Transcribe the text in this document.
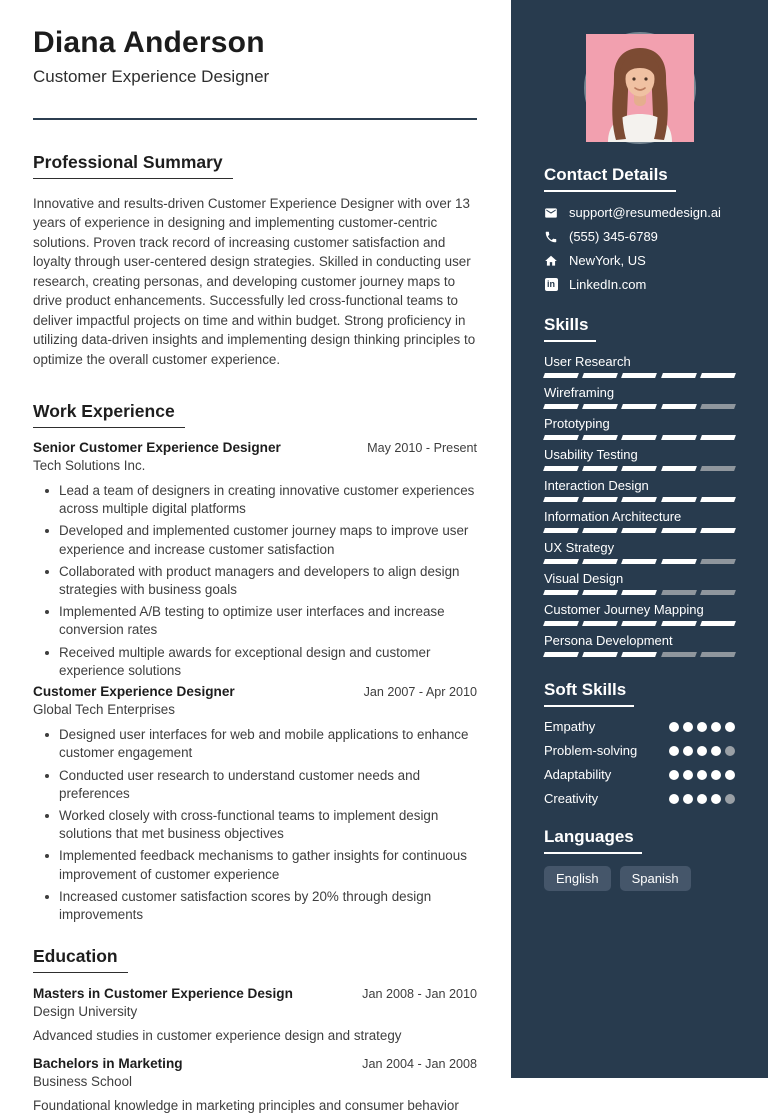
Diana Anderson
Customer Experience Designer
Professional Summary

Innovative and results-driven Customer Experience Designer with over 13 years of experience in designing and implementing customer-centric solutions. Proven track record of increasing customer satisfaction and loyalty through user-centered design strategies. Skilled in conducting user research, creating personas, and developing customer journey maps to drive product enhancements. Successfully led cross-functional teams to deliver impactful projects on time and within budget. Strong proficiency in utilizing data-driven insights and implementing design thinking principles to optimize the overall customer experience.

Work Experience
Senior Customer Experience Designer	May 2010 - Present
Tech Solutions Inc.
Lead a team of designers in creating innovative customer experiences across multiple digital platforms
Developed and implemented customer journey maps to improve user experience and increase customer satisfaction
Collaborated with product managers and developers to align design strategies with business goals
Implemented A/B testing to optimize user interfaces and increase conversion rates
Received multiple awards for exceptional design and customer experience solutions
Customer Experience Designer	Jan 2007 - Apr 2010
Global Tech Enterprises
Designed user interfaces for web and mobile applications to enhance customer engagement
Conducted user research to understand customer needs and preferences
Worked closely with cross-functional teams to implement design solutions that met business objectives
Implemented feedback mechanisms to gather insights for continuous improvement of customer experience
Increased customer satisfaction scores by 20% through design improvements
Education
Masters in Customer Experience Design	Jan 2008 - Jan 2010
Design University
Advanced studies in customer experience design and strategy
Bachelors in Marketing	Jan 2004 - Jan 2008
Business School
Foundational knowledge in marketing principles and consumer behavior
Contact Details
support@resumedesign.ai
(555) 345-6789
NewYork, US
in LinkedIn.com
Skills
User Research
Wireframing
Prototyping
Usability Testing
Interaction Design
Information Architecture
UX Strategy
Visual Design
Customer Journey Mapping
Persona Development
Soft Skills
Empathy
Problem-solving
Adaptability
Creativity
Languages
English	Spanish
